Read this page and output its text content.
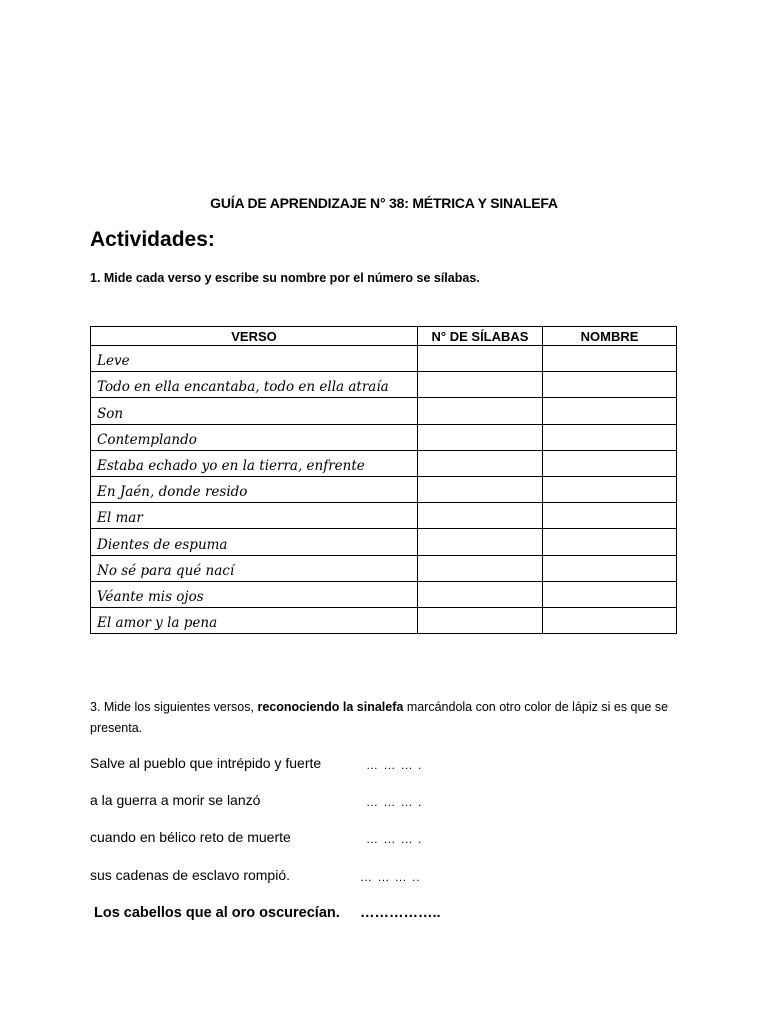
GUÍA DE APRENDIZAJE N° 38: MÉTRICA Y SINALEFA
Actividades:
1. Mide cada verso y escribe su nombre por el número se sílabas.
VERSO	N° DE SÍLABAS	NOMBRE
Leve		
Todo en ella encantaba, todo en ella atraía		
Son		
Contemplando		
Estaba echado yo en la tierra, enfrente		
En Jaén, donde resido		
El mar		
Dientes de espuma		
No sé para qué nací		
Véante mis ojos		
El amor y la pena		
3. Mide los siguientes versos, reconociendo la sinalefa marcándola con otro color de lápiz si es que se presenta.
Salve al pueblo que intrépido y fuerte	… … … .
a la guerra a morir se lanzó	… … … .
cuando en bélico reto de muerte	… … … .
sus cadenas de esclavo rompió.	… … … ..
Los cabellos que al oro oscurecían. ……………..
